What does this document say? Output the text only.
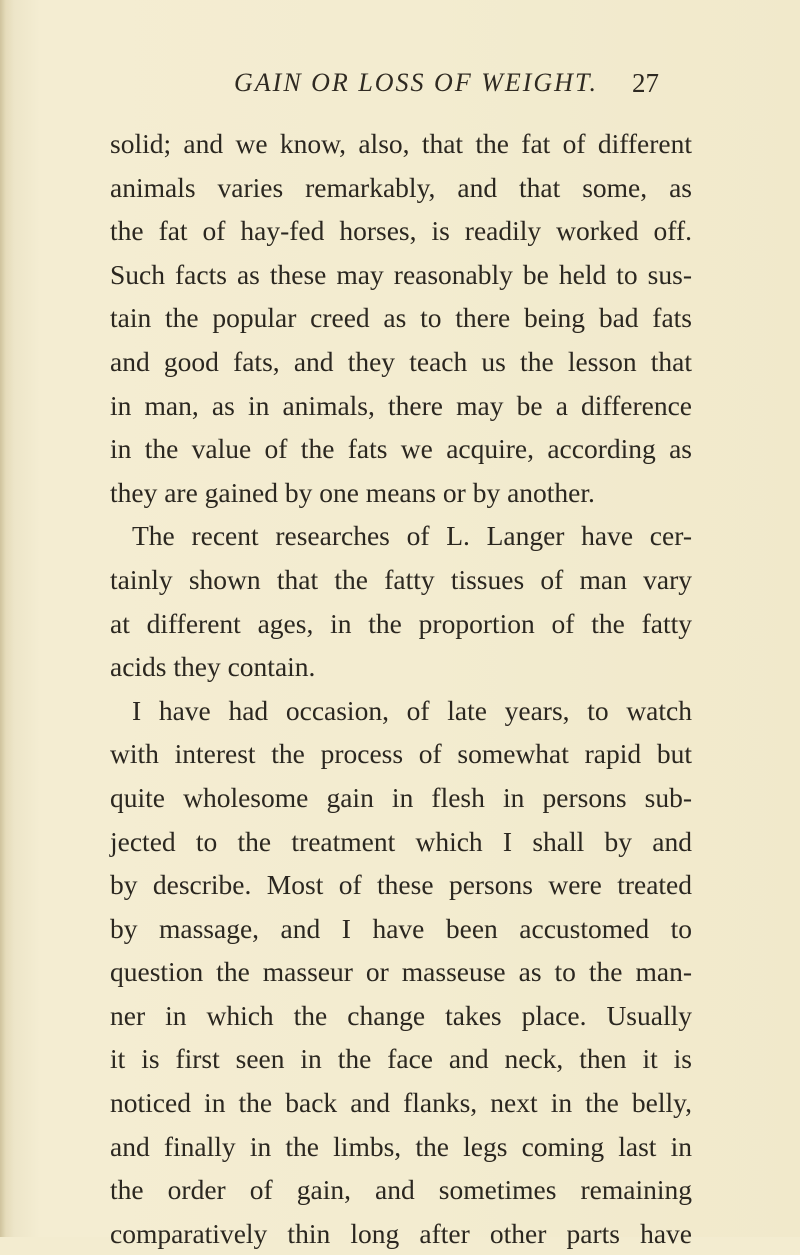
GAIN OR LOSS OF WEIGHT. 27
solid; and we know, also, that the fat of different
animals varies remarkably, and that some, as
the fat of hay-fed horses, is readily worked off.
Such facts as these may reasonably be held to sus-
tain the popular creed as to there being bad fats
and good fats, and they teach us the lesson that
in man, as in animals, there may be a difference
in the value of the fats we acquire, according as
they are gained by one means or by another.
The recent researches of L. Langer have cer-
tainly shown that the fatty tissues of man vary
at different ages, in the proportion of the fatty
acids they contain.
I have had occasion, of late years, to watch
with interest the process of somewhat rapid but
quite wholesome gain in flesh in persons sub-
jected to the treatment which I shall by and
by describe. Most of these persons were treated
by massage, and I have been accustomed to
question the masseur or masseuse as to the man-
ner in which the change takes place. Usually
it is first seen in the face and neck, then it is
noticed in the back and flanks, next in the belly,
and finally in the limbs, the legs coming last in
the order of gain, and sometimes remaining
comparatively thin long after other parts have
